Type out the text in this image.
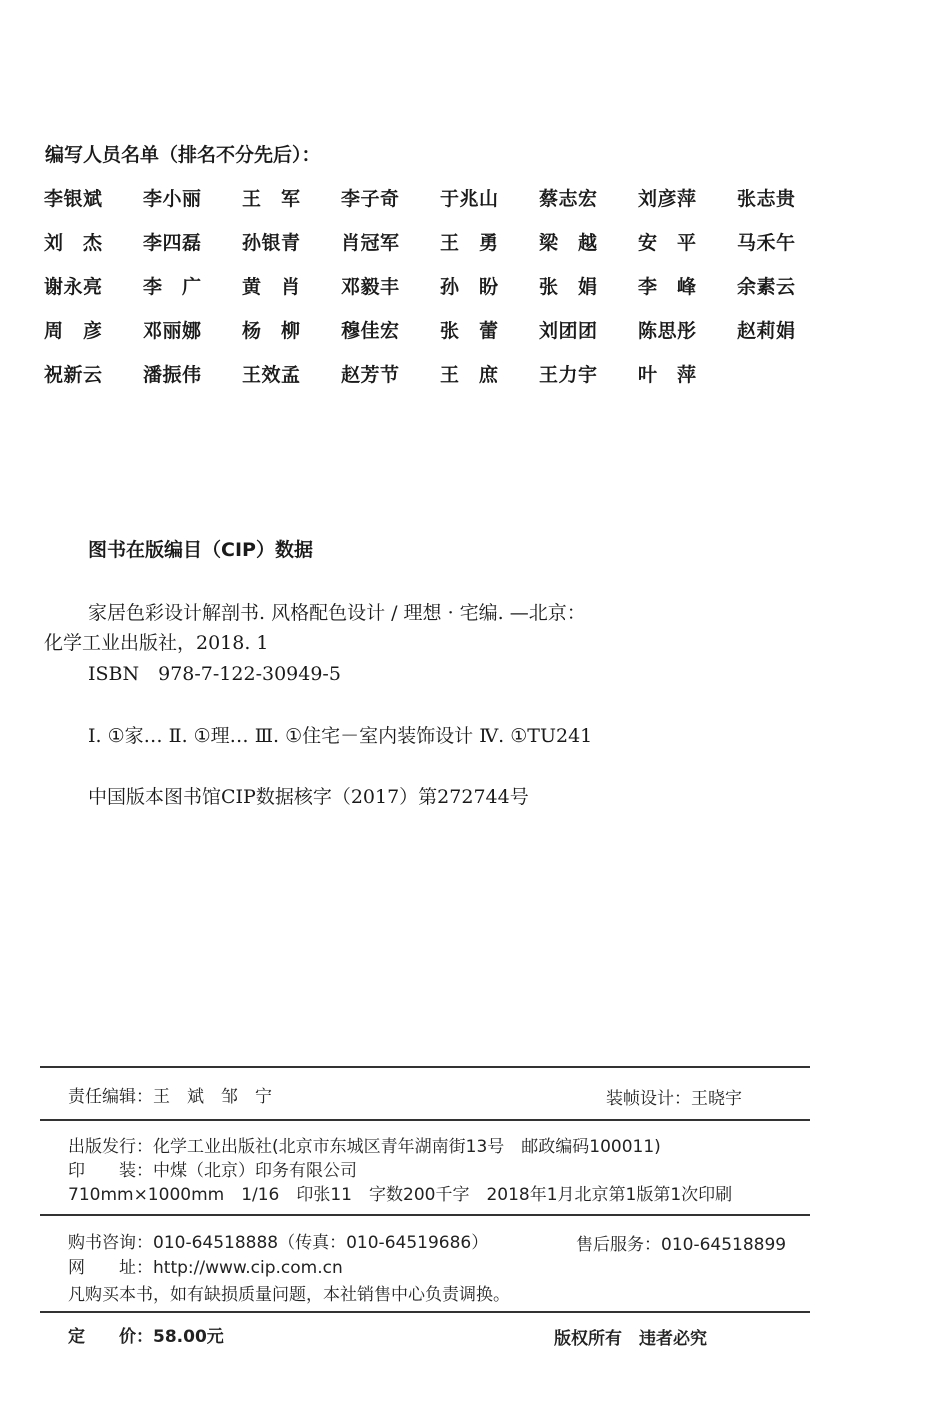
编写人员名单（排名不分先后）：
李银斌 李小丽 王　军 李子奇 于兆山 蔡志宏 刘彦萍 张志贵
刘　杰 李四磊 孙银青 肖冠军 王　勇 梁　越 安　平 马禾午
谢永亮 李　广 黄　肖 邓毅丰 孙　盼 张　娟 李　峰 余素云
周　彦 邓丽娜 杨　柳 穆佳宏 张　蕾 刘团团 陈思彤 赵莉娟
祝新云 潘振伟 王效孟 赵芳节 王　庶 王力宇 叶　萍
图书在版编目（CIP）数据
家居色彩设计解剖书. 风格配色设计 / 理想 · 宅编. —北京：
化学工业出版社，2018. 1
ISBN　978-7-122-30949-5
Ⅰ. ①家… Ⅱ. ①理… Ⅲ. ①住宅－室内装饰设计 Ⅳ. ①TU241
中国版本图书馆CIP数据核字（2017）第272744号
责任编辑：王　斌　邹　宁	装帧设计：王晓宇
出版发行：化学工业出版社(北京市东城区青年湖南街13号　邮政编码100011)
印　　装：中煤（北京）印务有限公司
710mm×1000mm　1/16　印张11　字数200千字　2018年1月北京第1版第1次印刷
购书咨询：010-64518888（传真：010-64519686）	售后服务：010-64518899
网　　址：http://www.cip.com.cn
凡购买本书，如有缺损质量问题，本社销售中心负责调换。
定　　价：58.00元	版权所有　违者必究
